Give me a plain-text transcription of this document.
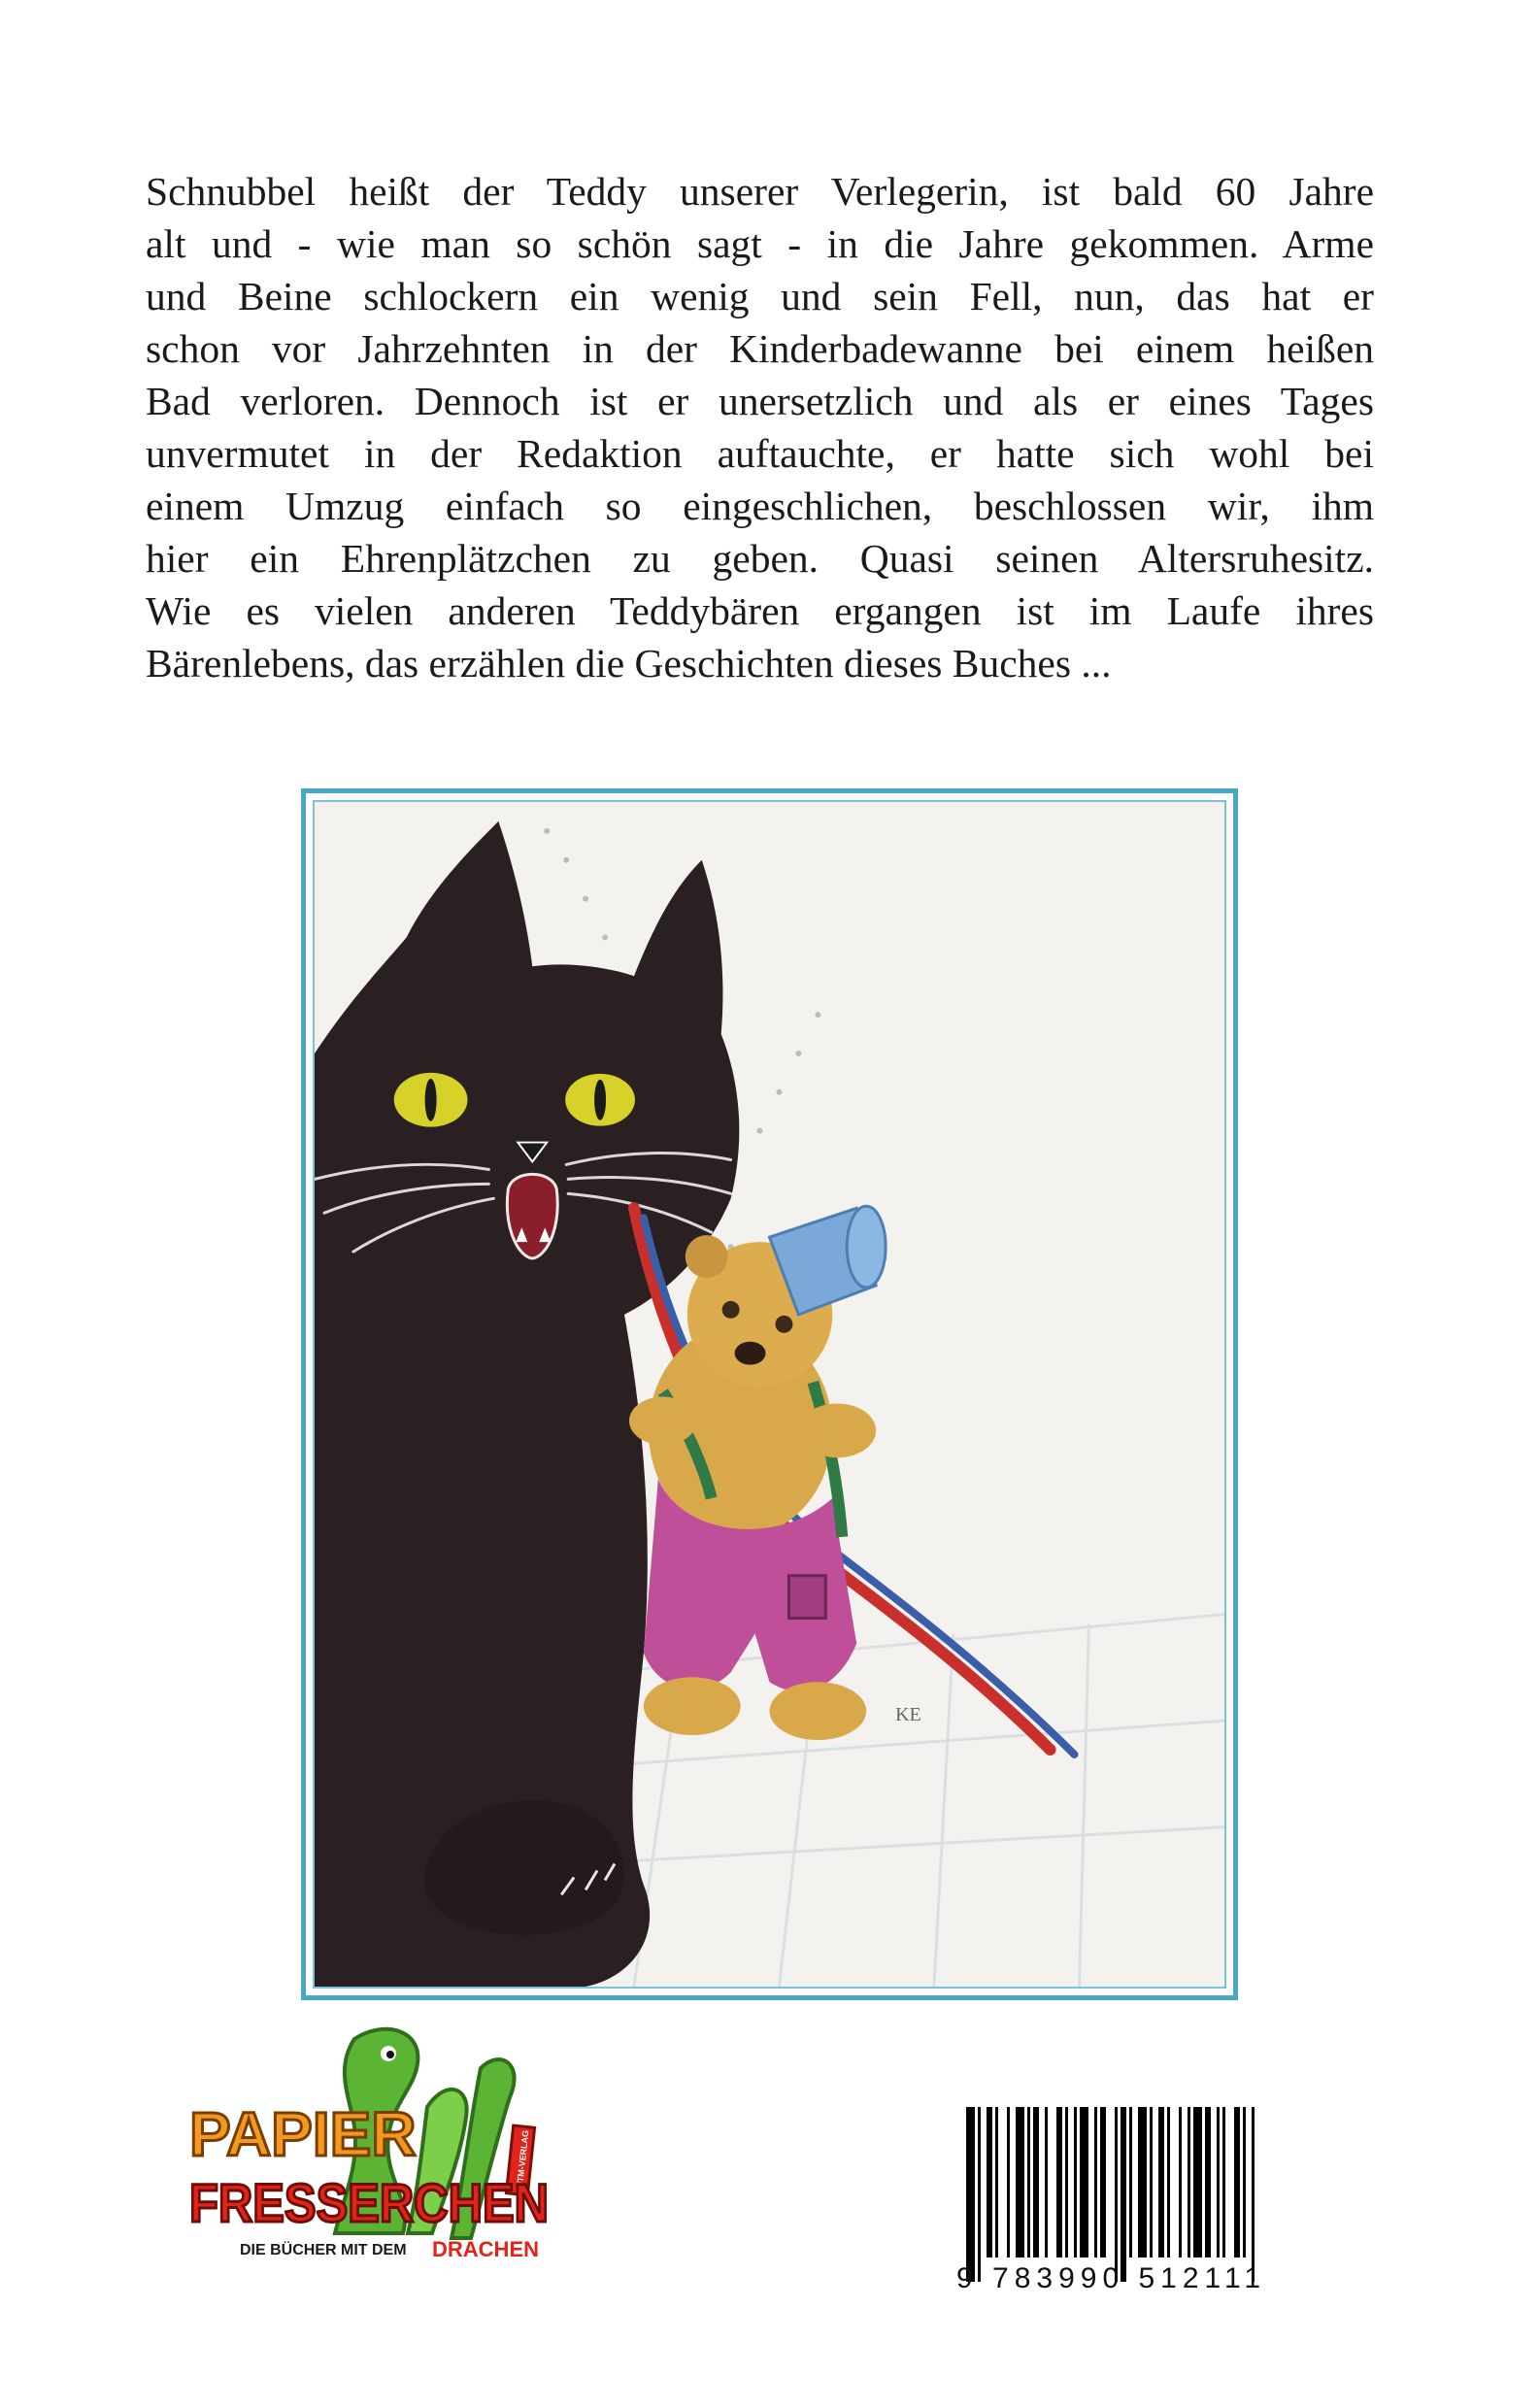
Schnubbel heißt der Teddy unserer Verlegerin, ist bald 60 Jahre
alt und - wie man so schön sagt - in die Jahre gekommen. Arme
und Beine schlockern ein wenig und sein Fell, nun, das hat er
schon vor Jahrzehnten in der Kinderbadewanne bei einem heißen
Bad verloren. Dennoch ist er unersetzlich und als er eines Tages
unvermutet in der Redaktion auftauchte, er hatte sich wohl bei
einem Umzug einfach so eingeschlichen, beschlossen wir, ihm
hier ein Ehrenplätzchen zu geben. Quasi seinen Altersruhesitz.
Wie es vielen anderen Teddybären ergangen ist im Laufe ihres
Bärenlebens, das erzählen die Geschichten dieses Buches ...
KE
MTM-VERLAG
PAPIER
FRESSERCHEN
DIE BÜCHER MIT DEM DRACHEN
9 783990 512111
